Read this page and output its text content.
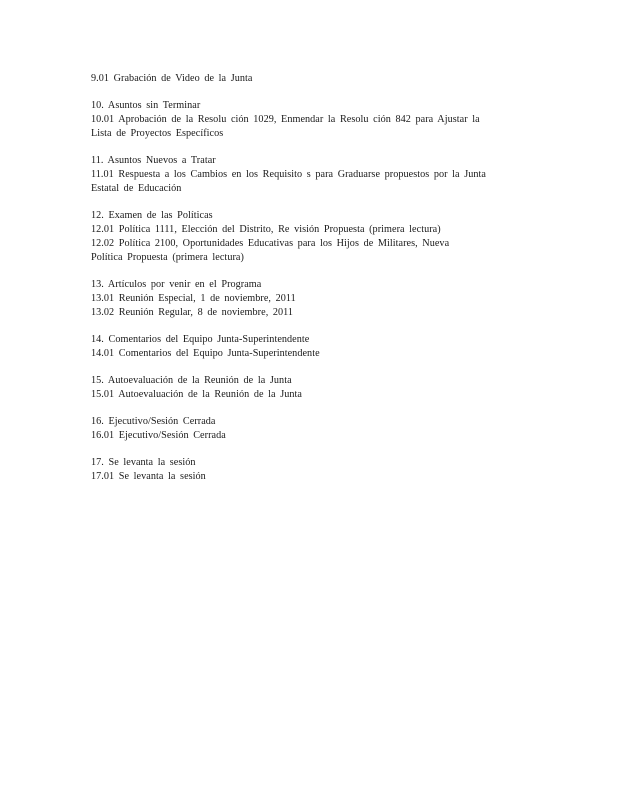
9.01 Grabación de Video de la Junta
10. Asuntos sin Terminar
10.01 Aprobación de la Resolu ción 1029, Enmendar la Resolu ción 842 para Ajustar la
Lista de Proyectos Específicos
11. Asuntos Nuevos a Tratar
11.01 Respuesta a los Cambios en los Requisito s para Graduarse propuestos por la Junta
Estatal de Educación
12. Examen de las Políticas
12.01 Política 1111, Elección del Distrito, Re visión Propuesta (primera lectura)
12.02 Política 2100, Oportunidades Educativas para los Hijos de Militares, Nueva
Política Propuesta (primera lectura)
13. Artículos por venir en el Programa
13.01 Reunión Especial, 1 de noviembre, 2011
13.02 Reunión Regular, 8 de noviembre, 2011
14. Comentarios del Equipo Junta-Superintendente
14.01 Comentarios del Equipo Junta-Superintendente
15. Autoevaluación de la Reunión de la Junta
15.01 Autoevaluación de la Reunión de la Junta
16. Ejecutivo/Sesión Cerrada
16.01 Ejecutivo/Sesión Cerrada
17. Se levanta la sesión
17.01 Se levanta la sesión
